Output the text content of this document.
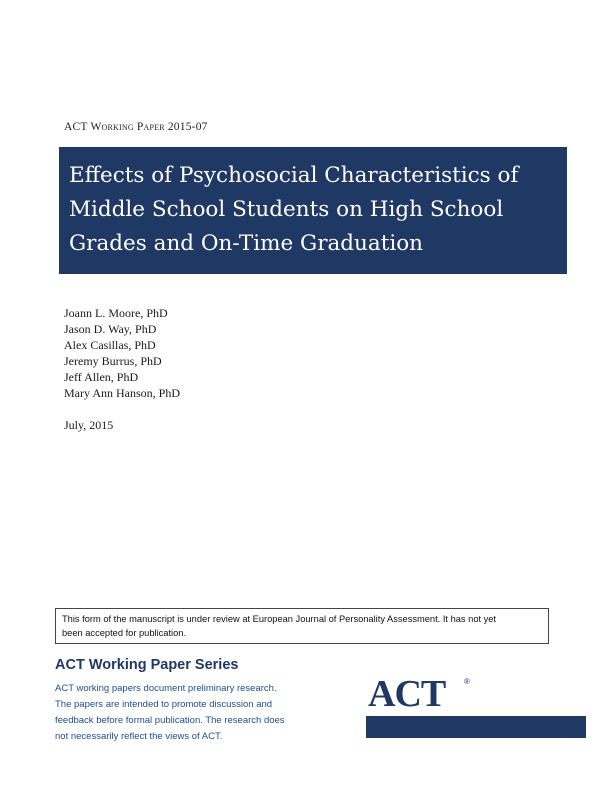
ACT Working Paper 2015-07
Effects of Psychosocial Characteristics of
Middle School Students on High School
Grades and On-Time Graduation
Joann L. Moore, PhD
Jason D. Way, PhD
Alex Casillas, PhD
Jeremy Burrus, PhD
Jeff Allen, PhD
Mary Ann Hanson, PhD
July, 2015
This form of the manuscript is under review at European Journal of Personality Assessment. It has not yet
been accepted for publication.
ACT Working Paper Series
ACT working papers document preliminary research.
The papers are intended to promote discussion and
feedback before formal publication. The research does
not necessarily reflect the views of ACT.
ACT ®
